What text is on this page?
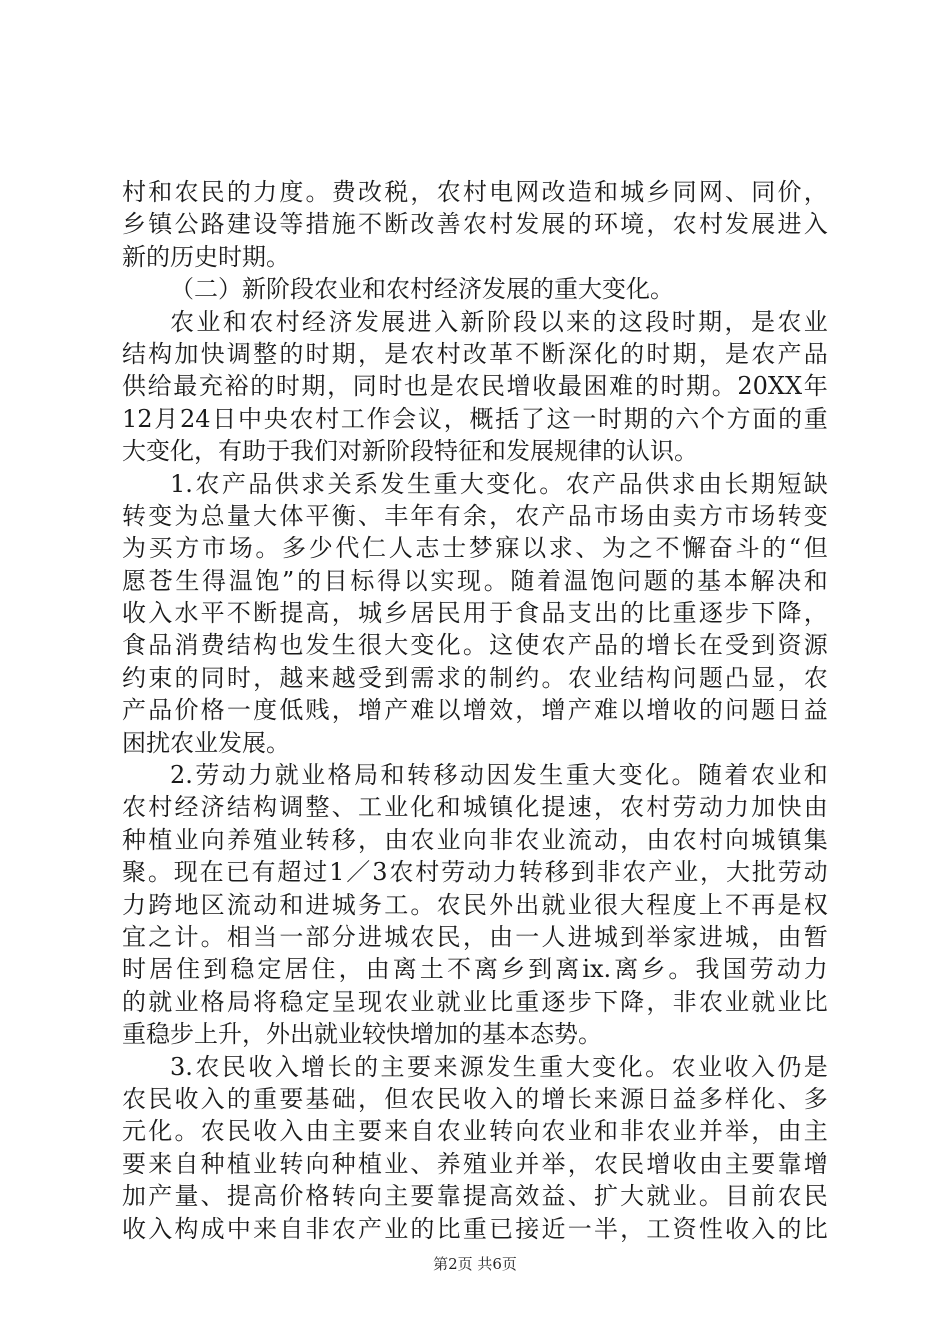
村 和 农 民 的 力 度 。 费 改 税 ， 农 村 电 网 改 造 和 城 乡 同 网 、 同 价 ，
乡 镇 公 路 建 设 等 措 施 不 断 改 善 农 村 发 展 的 环 境 ， 农 村 发 展 进 入
新的历史时期。
（二）新阶段农业和农村经济发展的重大变化。
农 业 和 农 村 经 济 发 展 进 入 新 阶 段 以 来 的 这 段 时 期 ， 是 农 业
结 构 加 快 调 整 的 时 期 ， 是 农 村 改 革 不 断 深 化 的 时 期 ， 是 农 产 品
供 给 最 充 裕 的 时 期 ， 同 时 也 是 农 民 增 收 最 困 难 的 时 期 。 20XX 年
12 月 24 日 中 央 农 村 工 作 会 议 ， 概 括 了 这 一 时 期 的 六 个 方 面 的 重
大变化，有助于我们对新阶段特征和发展规律的认识。
1. 农 产 品 供 求 关 系 发 生 重 大 变 化 。 农 产 品 供 求 由 长 期 短 缺
转 变 为 总 量 大 体 平 衡 、 丰 年 有 余 ， 农 产 品 市 场 由 卖 方 市 场 转 变
为 买 方 市 场 。 多 少 代 仁 人 志 士 梦 寐 以 求 、 为 之 不 懈 奋 斗 的 “ 但
愿 苍 生 得 温 饱 ” 的 目 标 得 以 实 现 。 随 着 温 饱 问 题 的 基 本 解 决 和
收 入 水 平 不 断 提 高 ， 城 乡 居 民 用 于 食 品 支 出 的 比 重 逐 步 下 降 ，
食 品 消 费 结 构 也 发 生 很 大 变 化 。 这 使 农 产 品 的 增 长 在 受 到 资 源
约 束 的 同 时 ， 越 来 越 受 到 需 求 的 制 约 。 农 业 结 构 问 题 凸 显 ， 农
产 品 价 格 一 度 低 贱 ， 增 产 难 以 增 效 ， 增 产 难 以 增 收 的 问 题 日 益
困扰农业发展。
2. 劳 动 力 就 业 格 局 和 转 移 动 因 发 生 重 大 变 化 。 随 着 农 业 和
农 村 经 济 结 构 调 整 、 工 业 化 和 城 镇 化 提 速 ， 农 村 劳 动 力 加 快 由
种 植 业 向 养 殖 业 转 移 ， 由 农 业 向 非 农 业 流 动 ， 由 农 村 向 城 镇 集
聚 。 现 在 已 有 超 过 1 ／ 3 农 村 劳 动 力 转 移 到 非 农 产 业 ， 大 批 劳 动
力 跨 地 区 流 动 和 进 城 务 工 。 农 民 外 出 就 业 很 大 程 度 上 不 再 是 权
宜 之 计 。 相 当 一 部 分 进 城 农 民 ， 由 一 人 进 城 到 举 家 进 城 ， 由 暂
时 居 住 到 稳 定 居 住 ， 由 离 土 不 离 乡 到 离 ix. 离 乡 。 我 国 劳 动 力
的 就 业 格 局 将 稳 定 呈 现 农 业 就 业 比 重 逐 步 下 降 ， 非 农 业 就 业 比
重稳步上升，外出就业较快增加的基本态势。
3. 农 民 收 入 增 长 的 主 要 来 源 发 生 重 大 变 化 。 农 业 收 入 仍 是
农 民 收 入 的 重 要 基 础 ， 但 农 民 收 入 的 增 长 来 源 日 益 多 样 化 、 多
元 化 。 农 民 收 入 由 主 要 来 自 农 业 转 向 农 业 和 非 农 业 并 举 ， 由 主
要 来 自 种 植 业 转 向 种 植 业 、 养 殖 业 并 举 ， 农 民 增 收 由 主 要 靠 增
加 产 量 、 提 高 价 格 转 向 主 要 靠 提 高 效 益 、 扩 大 就 业 。 目 前 农 民
收 入 构 成 中 来 自 非 农 产 业 的 比 重 已 接 近 一 半 ， 工 资 性 收 入 的 比
第2页 共6页
